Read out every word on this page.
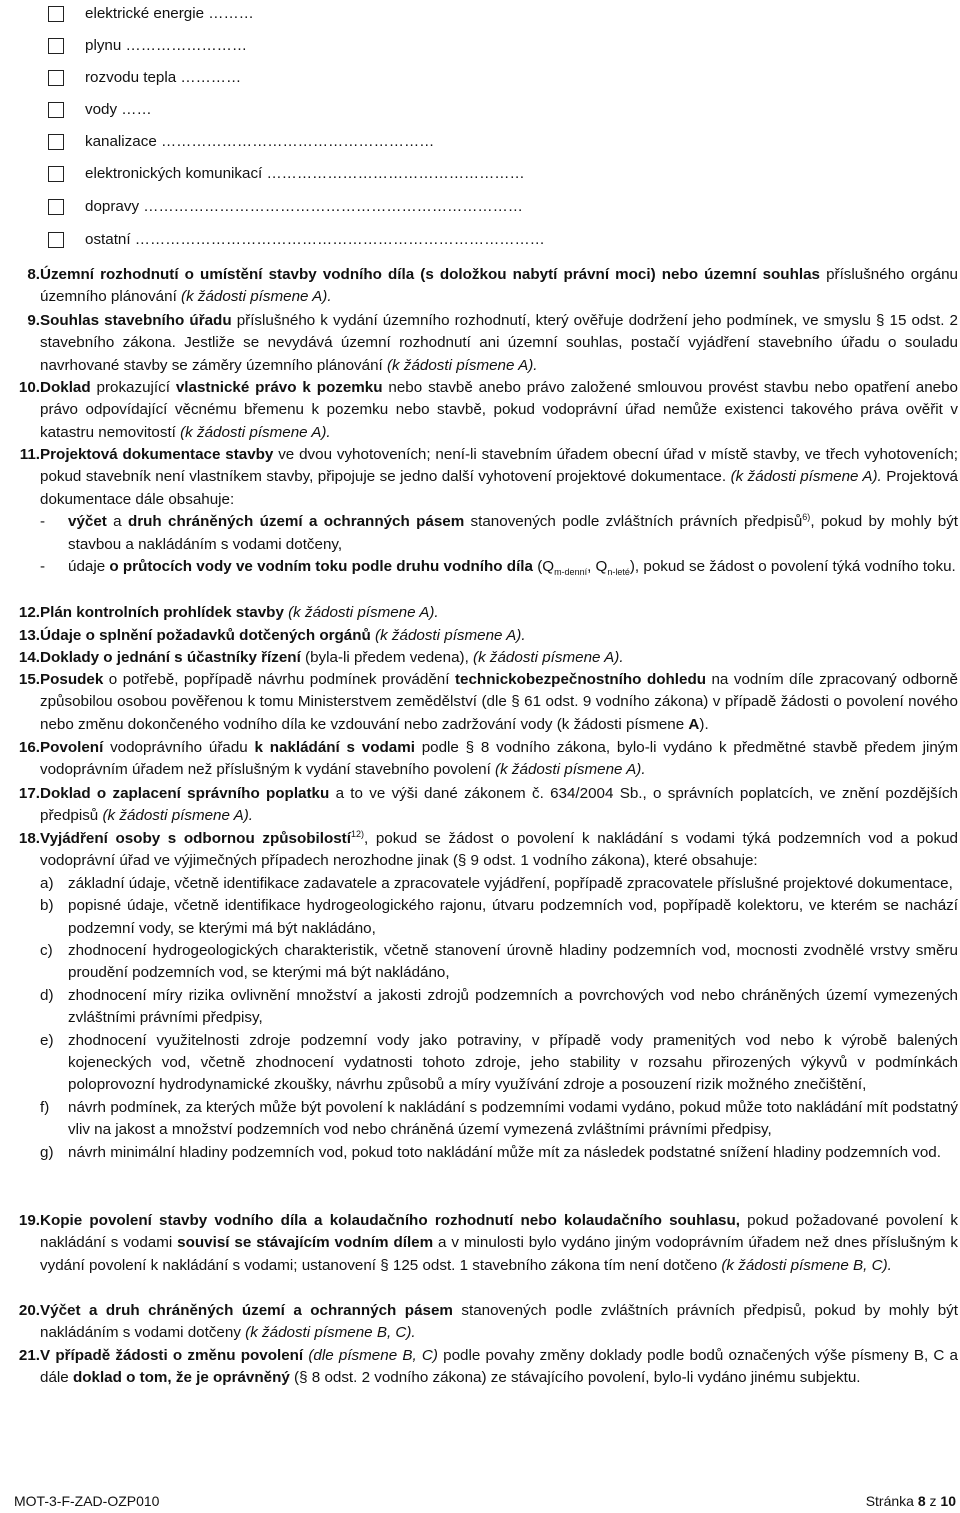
elektrické energie ………
plynu ……………………
rozvodu tepla …………
vody ……
kanalizace ………………………………………………
elektronických komunikací ……………………………………………
dopravy …………………………………………………………………
ostatní ………………………………………………………………………
8. Územní rozhodnutí o umístění stavby vodního díla (s doložkou nabytí právní moci) nebo územní souhlas příslušného orgánu územního plánování (k žádosti písmene A).
9. Souhlas stavebního úřadu příslušného k vydání územního rozhodnutí, který ověřuje dodržení jeho podmínek, ve smyslu § 15 odst. 2 stavebního zákona. Jestliže se nevydává územní rozhodnutí ani územní souhlas, postačí vyjádření stavebního úřadu o souladu navrhované stavby se záměry územního plánování (k žádosti písmene A).
10. Doklad prokazující vlastnické právo k pozemku nebo stavbě anebo právo založené smlouvou provést stavbu nebo opatření anebo právo odpovídající věcnému břemenu k pozemku nebo stavbě, pokud vodoprávní úřad nemůže existenci takového práva ověřit v katastru nemovitostí (k žádosti písmene A).
11. Projektová dokumentace stavby ve dvou vyhotoveních; není-li stavebním úřadem obecní úřad v místě stavby, ve třech vyhotoveních; pokud stavebník není vlastníkem stavby, připojuje se jedno další vyhotovení projektové dokumentace. (k žádosti písmene A). Projektová dokumentace dále obsahuje:
- výčet a druh chráněných území a ochranných pásem stanovených podle zvláštních právních předpisů$^{6)}$, pokud by mohly být stavbou a nakládáním s vodami dotčeny,
- údaje o průtocích vody ve vodním toku podle druhu vodního díla ($Q_{m-denní}$, $Q_{n-leté}$), pokud se žádost o povolení týká vodního toku.
12. Plán kontrolních prohlídek stavby (k žádosti písmene A).
13. Údaje o splnění požadavků dotčených orgánů (k žádosti písmene A).
14. Doklady o jednání s účastníky řízení (byla-li předem vedena), (k žádosti písmene A).
15. Posudek o potřebě, popřípadě návrhu podmínek provádění technickobezpečnostního dohledu na vodním díle zpracovaný odborně způsobilou osobou pověřenou k tomu Ministerstvem zemědělství (dle § 61 odst. 9 vodního zákona) v případě žádosti o povolení nového nebo změnu dokončeného vodního díla ke vzdouvání nebo zadržování vody (k žádosti písmene A).
16. Povolení vodoprávního úřadu k nakládání s vodami podle § 8 vodního zákona, bylo-li vydáno k předmětné stavbě předem jiným vodoprávním úřadem než příslušným k vydání stavebního povolení (k žádosti písmene A).
17. Doklad o zaplacení správního poplatku a to ve výši dané zákonem č. 634/2004 Sb., o správních poplatcích, ve znění pozdějších předpisů (k žádosti písmene A).
18. Vyjádření osoby s odbornou způsobilostí$^{12)}$, pokud se žádost o povolení k nakládání s vodami týká podzemních vod a pokud vodoprávní úřad ve výjimečných případech nerozhodne jinak (§ 9 odst. 1 vodního zákona), které obsahuje:
a) základní údaje, včetně identifikace zadavatele a zpracovatele vyjádření, popřípadě zpracovatele příslušné projektové dokumentace,
b) popisné údaje, včetně identifikace hydrogeologického rajonu, útvaru podzemních vod, popřípadě kolektoru, ve kterém se nachází podzemní vody, se kterými má být nakládáno,
c) zhodnocení hydrogeologických charakteristik, včetně stanovení úrovně hladiny podzemních vod, mocnosti zvodnělé vrstvy směru proudění podzemních vod, se kterými má být nakládáno,
d) zhodnocení míry rizika ovlivnění množství a jakosti zdrojů podzemních a povrchových vod nebo chráněných území vymezených zvláštními právními předpisy,
e) zhodnocení využitelnosti zdroje podzemní vody jako potraviny, v případě vody pramenitých vod nebo k výrobě balených kojeneckých vod, včetně zhodnocení vydatnosti tohoto zdroje, jeho stability v rozsahu přirozených výkyvů v podmínkách poloprovozní hydrodynamické zkoušky, návrhu způsobů a míry využívání zdroje a posouzení rizik možného znečištění,
f) návrh podmínek, za kterých může být povolení k nakládání s podzemními vodami vydáno, pokud může toto nakládání mít podstatný vliv na jakost a množství podzemních vod nebo chráněná území vymezená zvláštními právními předpisy,
g) návrh minimální hladiny podzemních vod, pokud toto nakládání může mít za následek podstatné snížení hladiny podzemních vod.
19. Kopie povolení stavby vodního díla a kolaudačního rozhodnutí nebo kolaudačního souhlasu, pokud požadované povolení k nakládání s vodami souvisí se stávajícím vodním dílem a v minulosti bylo vydáno jiným vodoprávním úřadem než dnes příslušným k vydání povolení k nakládání s vodami; ustanovení § 125 odst. 1 stavebního zákona tím není dotčeno (k žádosti písmene B, C).
20. Výčet a druh chráněných území a ochranných pásem stanovených podle zvláštních právních předpisů, pokud by mohly být nakládáním s vodami dotčeny (k žádosti písmene B, C).
21. V případě žádosti o změnu povolení (dle písmene B, C) podle povahy změny doklady podle bodů označených výše písmeny B, C a dále doklad o tom, že je oprávněný (§ 8 odst. 2 vodního zákona) ze stávajícího povolení, bylo-li vydáno jinému subjektu.
MOT-3-F-ZAD-OZP010	Stránka 8 z 10
